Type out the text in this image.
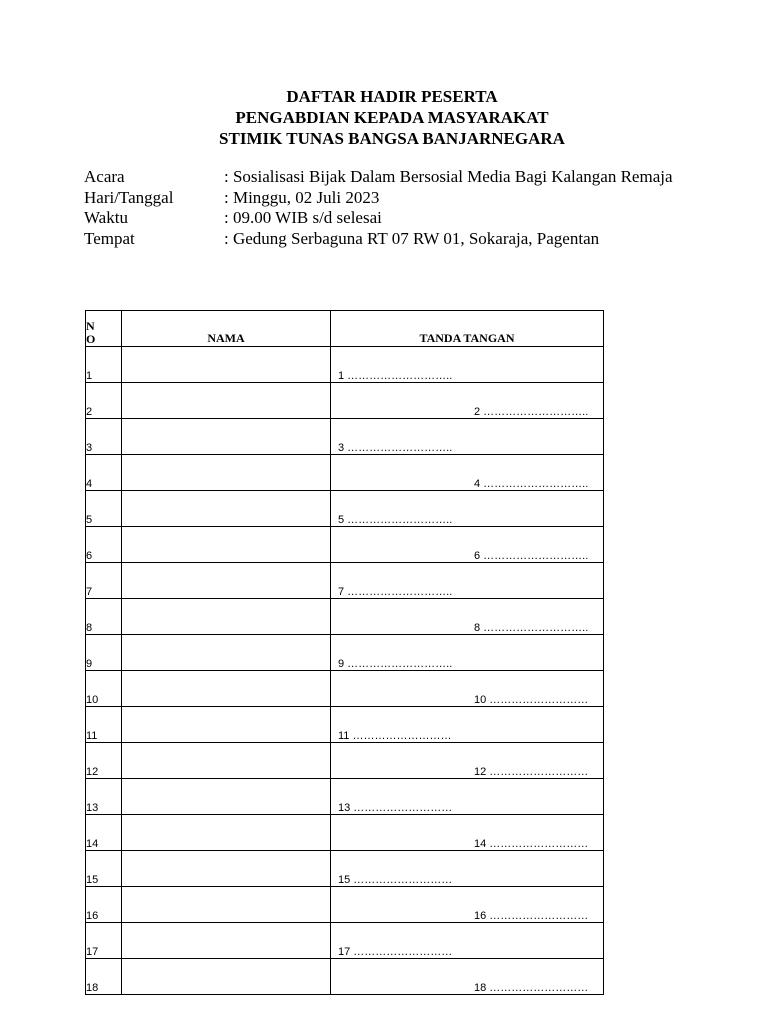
DAFTAR HADIR PESERTA
PENGABDIAN KEPADA MASYARAKAT
STIMIK TUNAS BANGSA BANJARNEGARA
Acara	: Sosialisasi Bijak Dalam Bersosial Media Bagi Kalangan Remaja
Hari/Tanggal	: Minggu, 02 Juli 2023
Waktu	: 09.00 WIB s/d selesai
Tempat	: Gedung Serbaguna RT 07 RW 01, Sokaraja, Pagentan
N
O	NAMA	TANDA TANGAN
1		1 ………………………..
2		2 ………………………..
3		3 ………………………..
4		4 ………………………..
5		5 ………………………..
6		6 ………………………..
7		7 ………………………..
8		8 ………………………..
9		9 ………………………..
10		10 ………………………
11		11 ………………………
12		12 ………………………
13		13 ………………………
14		14 ………………………
15		15 ………………………
16		16 ………………………
17		17 ………………………
18		18 ………………………
